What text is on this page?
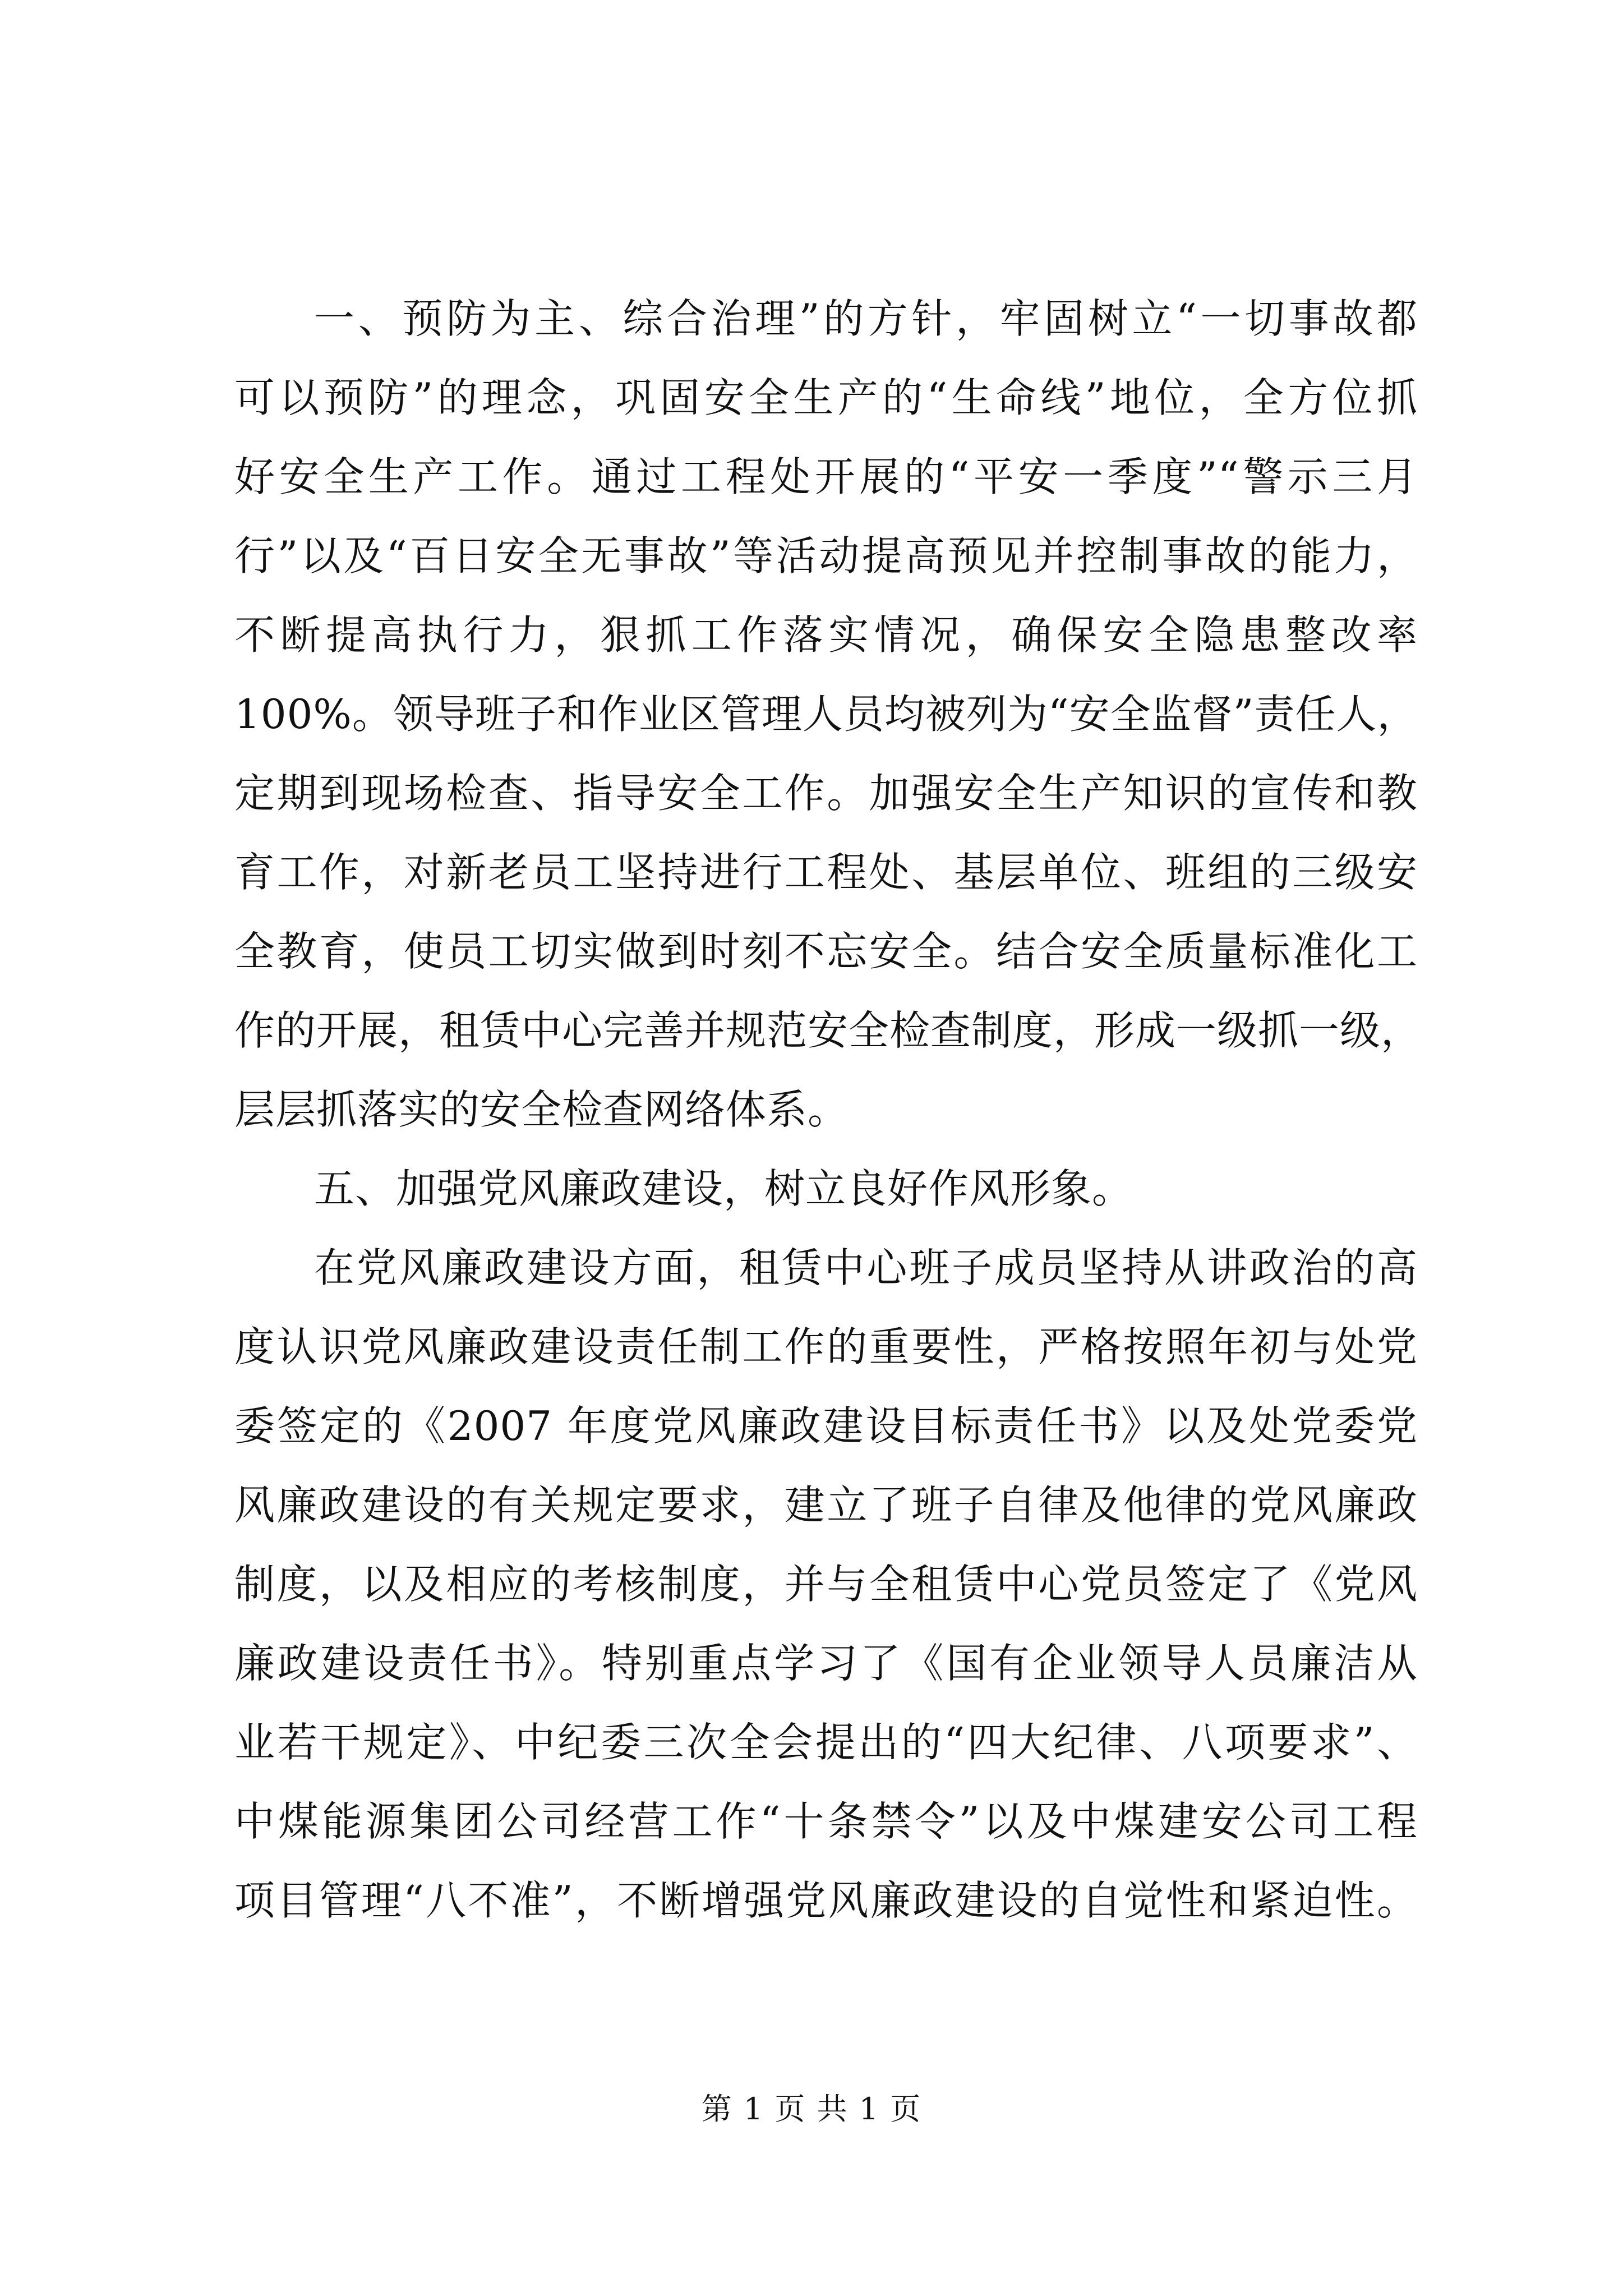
一、预防为主、综合治理”的方针，牢固树立“一切事故都
可以预防”的理念，巩固安全生产的“生命线”地位，全方位抓
好安全生产工作。通过工程处开展的“平安一季度”“警示三月
行”以及“百日安全无事故”等活动提高预见并控制事故的能力，
不断提高执行力，狠抓工作落实情况，确保安全隐患整改率
100%。领导班子和作业区管理人员均被列为“安全监督”责任人，
定期到现场检查、指导安全工作。加强安全生产知识的宣传和教
育工作，对新老员工坚持进行工程处、基层单位、班组的三级安
全教育，使员工切实做到时刻不忘安全。结合安全质量标准化工
作的开展，租赁中心完善并规范安全检查制度，形成一级抓一级，
层层抓落实的安全检查网络体系。
五、加强党风廉政建设，树立良好作风形象。
在党风廉政建设方面，租赁中心班子成员坚持从讲政治的高
度认识党风廉政建设责任制工作的重要性，严格按照年初与处党
委签定的《2007 年度党风廉政建设目标责任书》以及处党委党
风廉政建设的有关规定要求，建立了班子自律及他律的党风廉政
制度，以及相应的考核制度，并与全租赁中心党员签定了《党风
廉政建设责任书》。特别重点学习了《国有企业领导人员廉洁从
业若干规定》、中纪委三次全会提出的“四大纪律、八项要求”、
中煤能源集团公司经营工作“十条禁令”以及中煤建安公司工程
项目管理“八不准”，不断增强党风廉政建设的自觉性和紧迫性。
第 1 页 共 1 页
